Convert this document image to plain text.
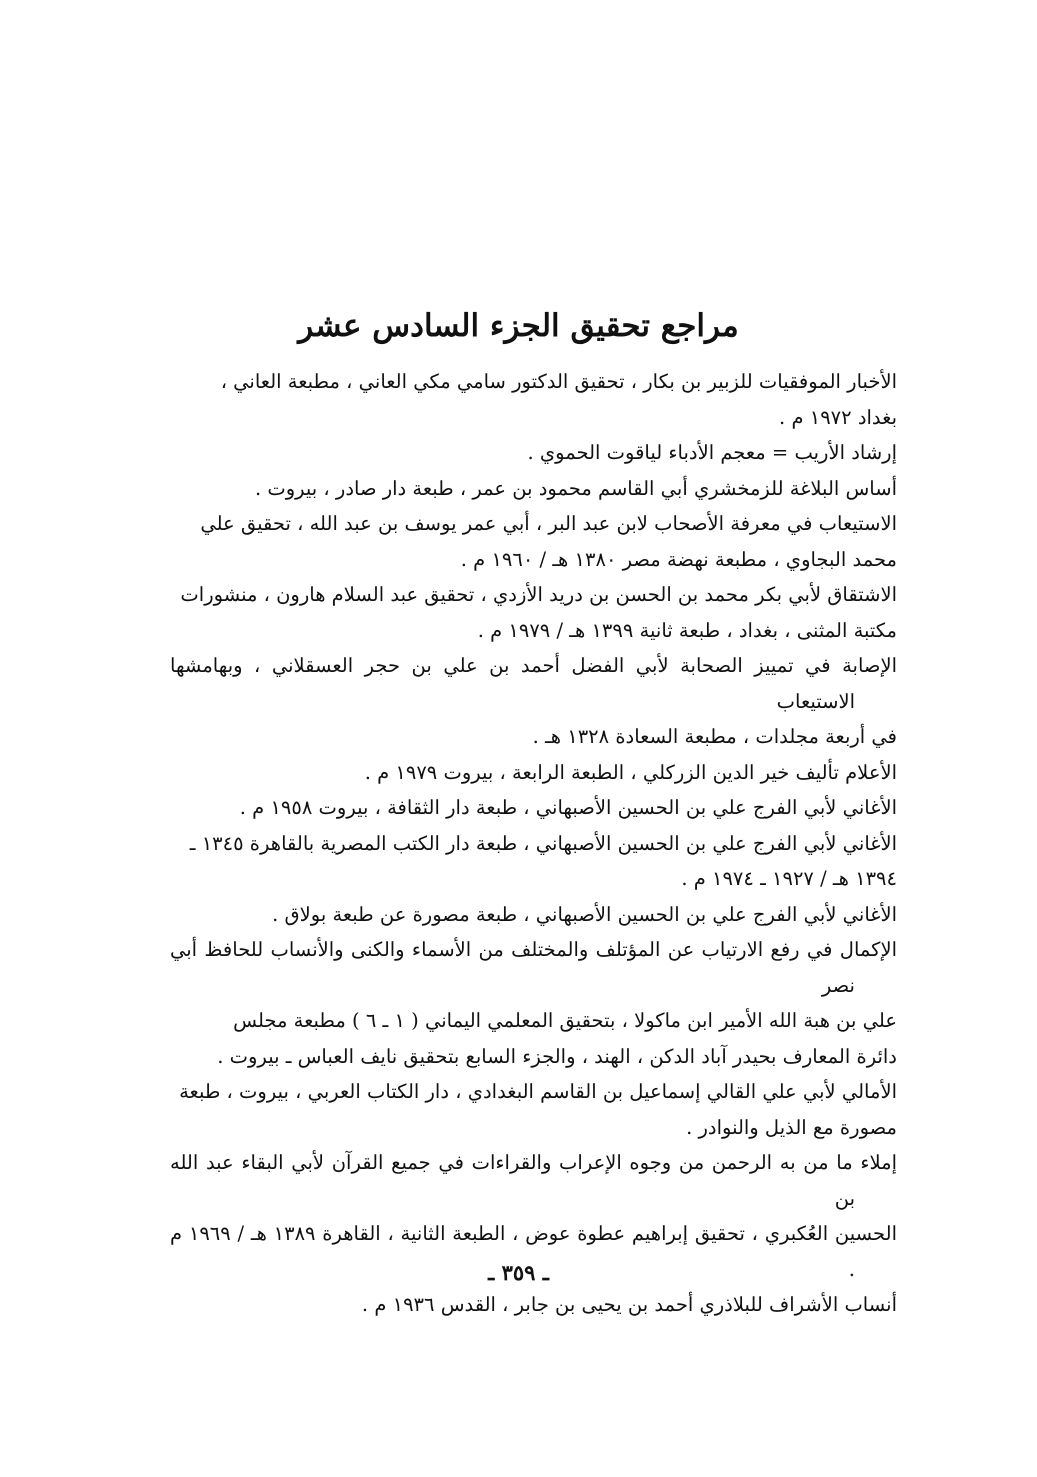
مراجع تحقيق الجزء السادس عشر

الأخبار الموفقيات للزبير بن بكار ، تحقيق الدكتور سامي مكي العاني ، مطبعة العاني ،
بغداد ١٩٧٢ م .

إرشاد الأريب = معجم الأدباء لياقوت الحموي .

أساس البلاغة للزمخشري أبي القاسم محمود بن عمر ، طبعة دار صادر ، بيروت .

الاستيعاب في معرفة الأصحاب لابن عبد البر ، أبي عمر يوسف بن عبد الله ، تحقيق علي
محمد البجاوي ، مطبعة نهضة مصر ١٣٨٠ هـ / ١٩٦٠ م .

الاشتقاق لأبي بكر محمد بن الحسن بن دريد الأزدي ، تحقيق عبد السلام هارون ، منشورات
مكتبة المثنى ، بغداد ، طبعة ثانية ١٣٩٩ هـ / ١٩٧٩ م .

الإصابة في تمييز الصحابة لأبي الفضل أحمد بن علي بن حجر العسقلاني ، وبهامشها الاستيعاب
في أربعة مجلدات ، مطبعة السعادة ١٣٢٨ هـ .

الأعلام تأليف خير الدين الزركلي ، الطبعة الرابعة ، بيروت ١٩٧٩ م .

الأغاني لأبي الفرج علي بن الحسين الأصبهاني ، طبعة دار الثقافة ، بيروت ١٩٥٨ م .

الأغاني لأبي الفرج علي بن الحسين الأصبهاني ، طبعة دار الكتب المصرية بالقاهرة ١٣٤٥ ـ
١٣٩٤ هـ / ١٩٢٧ ـ ١٩٧٤ م .

الأغاني لأبي الفرج علي بن الحسين الأصبهاني ، طبعة مصورة عن طبعة بولاق .

الإكمال في رفع الارتياب عن المؤتلف والمختلف من الأسماء والكنى والأنساب للحافظ أبي نصر
علي بن هبة الله الأمير ابن ماكولا ، بتحقيق المعلمي اليماني ( ١ ـ ٦ ) مطبعة مجلس
دائرة المعارف بحيدر آباد الدكن ، الهند ، والجزء السابع بتحقيق نايف العباس ـ بيروت .

الأمالي لأبي علي القالي إسماعيل بن القاسم البغدادي ، دار الكتاب العربي ، بيروت ، طبعة
مصورة مع الذيل والنوادر .

إملاء ما من به الرحمن من وجوه الإعراب والقراءات في جميع القرآن لأبي البقاء عبد الله بن
الحسين العُكبري ، تحقيق إبراهيم عطوة عوض ، الطبعة الثانية ، القاهرة ١٣٨٩ هـ / ١٩٦٩ م .

أنساب الأشراف للبلاذري أحمد بن يحيى بن جابر ، القدس ١٩٣٦ م .

ـ ٣٥٩ ـ
